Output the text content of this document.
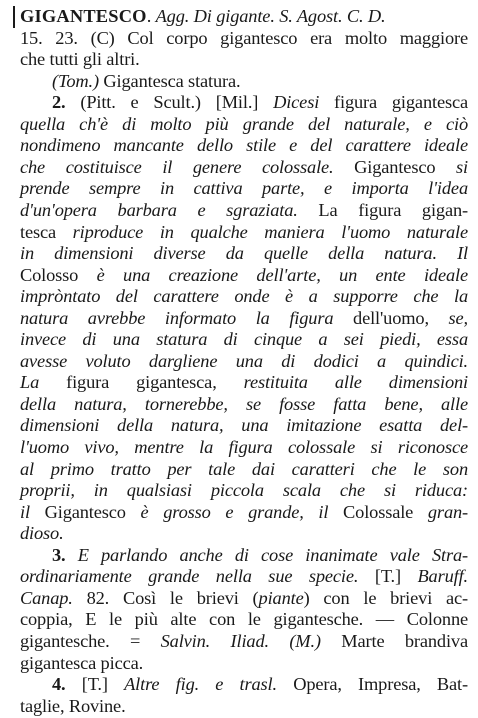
GIGANTESCO. Agg. Di gigante. S. Agost. C. D.
15. 23. (C) Col corpo gigantesco era molto maggiore
che tutti gli altri.
(Tom.) Gigantesca statura.
2. (Pitt. e Scult.) [Mil.] Dicesi figura gigantesca
quella ch'è di molto più grande del naturale, e ciò
nondimeno mancante dello stile e del carattere ideale
che costituisce il genere colossale. Gigantesco si
prende sempre in cattiva parte, e importa l'idea
d'un'opera barbara e sgraziata. La figura gigan-
tesca riproduce in qualche maniera l'uomo naturale
in dimensioni diverse da quelle della natura. Il
Colosso è una creazione dell'arte, un ente ideale
impròntato del carattere onde è a supporre che la
natura avrebbe informato la figura dell'uomo, se,
invece di una statura di cinque a sei piedi, essa
avesse voluto dargliene una di dodici a quindici.
La figura gigantesca, restituita alle dimensioni
della natura, tornerebbe, se fosse fatta bene, alle
dimensioni della natura, una imitazione esatta del-
l'uomo vivo, mentre la figura colossale si riconosce
al primo tratto per tale dai caratteri che le son
proprii, in qualsiasi piccola scala che si riduca:
il Gigantesco è grosso e grande, il Colossale gran-
dioso.
3. E parlando anche di cose inanimate vale Stra-
ordinariamente grande nella sue specie. [T.] Baruff.
Canap. 82. Così le brievi (piante) con le brievi ac-
coppia, E le più alte con le gigantesche. — Colonne
gigantesche. = Salvin. Iliad. (M.) Marte brandiva
gigantesca picca.
4. [T.] Altre fig. e trasl. Opera, Impresa, Bat-
taglie, Rovine.
